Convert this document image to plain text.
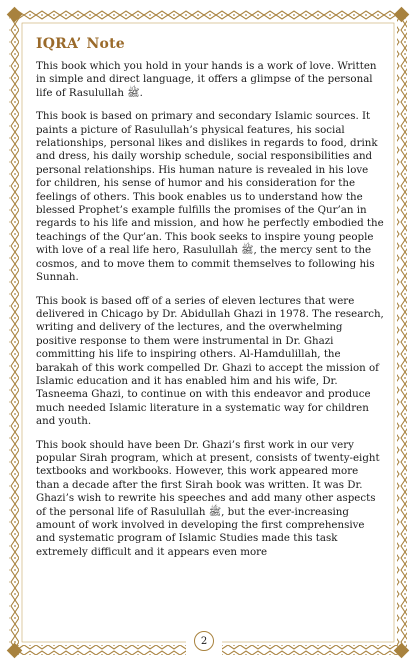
IQRA’ Note

This book which you hold in your hands is a work of love. Written in simple and direct language, it offers a glimpse of the personal life of Rasulullah ﷺ.

This book is based on primary and secondary Islamic sources. It paints a picture of Rasulullah’s physical features, his social relationships, personal likes and dislikes in regards to food, drink and dress, his daily worship schedule, social responsibilities and personal relationships. His human nature is revealed in his love for children, his sense of humor and his consideration for the feelings of others. This book enables us to understand how the blessed Prophet’s example fulfills the promises of the Qur’an in regards to his life and mission, and how he perfectly embodied the teachings of the Qur’an. This book seeks to inspire young people with love of a real life hero, Rasulullah ﷺ, the mercy sent to the cosmos, and to move them to commit themselves to following his Sunnah.

This book is based off of a series of eleven lectures that were delivered in Chicago by Dr. Abidullah Ghazi in 1978. The research, writing and delivery of the lectures, and the overwhelming positive response to them were instrumental in Dr. Ghazi committing his life to inspiring others. Al-Hamdulillah, the barakah of this work compelled Dr. Ghazi to accept the mission of Islamic education and it has enabled him and his wife, Dr. Tasneema Ghazi, to continue on with this endeavor and produce much needed Islamic literature in a systematic way for children and youth.

This book should have been Dr. Ghazi’s first work in our very popular Sirah program, which at present, consists of twenty-eight textbooks and workbooks. However, this work appeared more than a decade after the first Sirah book was written. It was Dr. Ghazi’s wish to rewrite his speeches and add many other aspects of the personal life of Rasulullah ﷺ, but the ever-increasing amount of work involved in developing the first comprehensive and systematic program of Islamic Studies made this task extremely difficult and it appears even more

2
